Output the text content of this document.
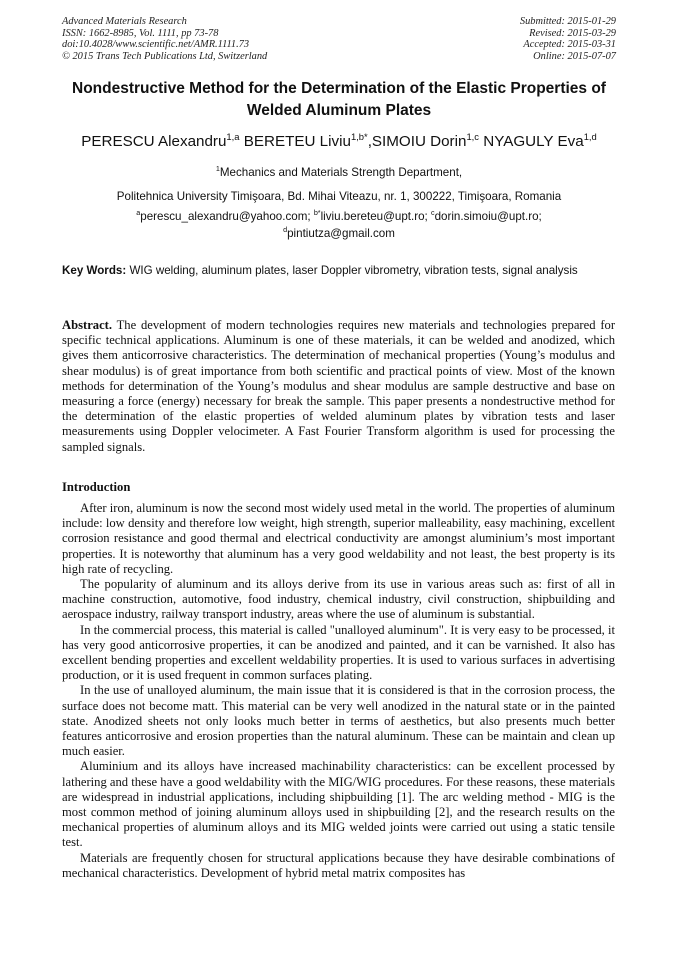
Advanced Materials Research
ISSN: 1662-8985, Vol. 1111, pp 73-78
doi:10.4028/www.scientific.net/AMR.1111.73
© 2015 Trans Tech Publications Ltd, Switzerland
Submitted: 2015-01-29
Revised: 2015-03-29
Accepted: 2015-03-31
Online: 2015-07-07
Nondestructive Method for the Determination of the Elastic Properties of Welded Aluminum Plates
PERESCU Alexandru$^{1,a}$ BERETEU Liviu$^{1,b*}$,SIMOIU Dorin$^{1,c}$ NYAGULY Eva$^{1,d}$
$^1$Mechanics and Materials Strength Department,
Politehnica University Timişoara, Bd. Mihai Viteazu, nr. 1, 300222, Timişoara, Romania
$^a$perescu_alexandru@yahoo.com; $^{b*}$liviu.bereteu@upt.ro; $^c$dorin.simoiu@upt.ro;
$^d$pintiutza@gmail.com
Key Words: WIG welding, aluminum plates, laser Doppler vibrometry, vibration tests, signal analysis
Abstract. The development of modern technologies requires new materials and technologies prepared for specific technical applications. Aluminum is one of these materials, it can be welded and anodized, which gives them anticorrosive characteristics. The determination of mechanical properties (Young’s modulus and shear modulus) is of great importance from both scientific and practical points of view. Most of the known methods for determination of the Young’s modulus and shear modulus are sample destructive and base on measuring a force (energy) necessary for break the sample. This paper presents a nondestructive method for the determination of the elastic properties of welded aluminum plates by vibration tests and laser measurements using Doppler velocimeter. A Fast Fourier Transform algorithm is used for processing the sampled signals.
Introduction

After iron, aluminum is now the second most widely used metal in the world. The properties of aluminum include: low density and therefore low weight, high strength, superior malleability, easy machining, excellent corrosion resistance and good thermal and electrical conductivity are amongst aluminium’s most important properties. It is noteworthy that aluminum has a very good weldability and not least, the best property is its high rate of recycling.

The popularity of aluminum and its alloys derive from its use in various areas such as: first of all in machine construction, automotive, food industry, chemical industry, civil construction, shipbuilding and aerospace industry, railway transport industry, areas where the use of aluminum is substantial.

In the commercial process, this material is called "unalloyed aluminum". It is very easy to be processed, it has very good anticorrosive properties, it can be anodized and painted, and it can be varnished. It also has excellent bending properties and excellent weldability properties. It is used to various surfaces in advertising production, or it is used frequent in common surfaces plating.

In the use of unalloyed aluminum, the main issue that it is considered is that in the corrosion process, the surface does not become matt. This material can be very well anodized in the natural state or in the painted state. Anodized sheets not only looks much better in terms of aesthetics, but also presents much better features anticorrosive and erosion properties than the natural aluminum. These can be maintain and clean up much easier.

Aluminium and its alloys have increased machinability characteristics: can be excellent processed by lathering and these have a good weldability with the MIG/WIG procedures. For these reasons, these materials are widespread in industrial applications, including shipbuilding [1]. The arc welding method - MIG is the most common method of joining aluminum alloys used in shipbuilding [2], and the research results on the mechanical properties of aluminum alloys and its MIG welded joints were carried out using a static tensile test.

Materials are frequently chosen for structural applications because they have desirable combinations of mechanical characteristics. Development of hybrid metal matrix composites has
